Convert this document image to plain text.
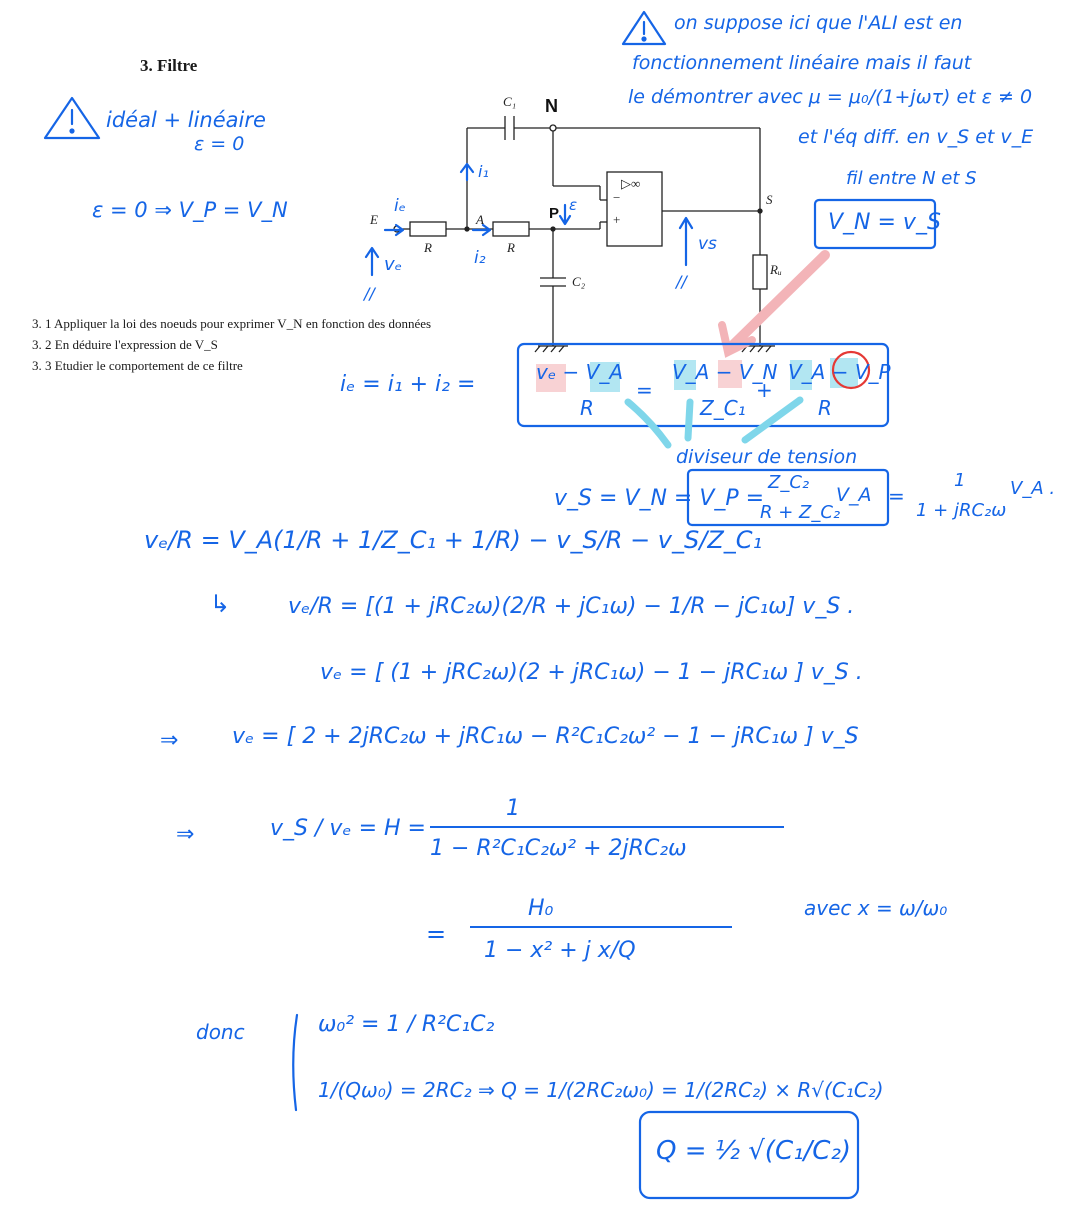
3. Filtre
3. 1 Appliquer la loi des noeuds pour exprimer V_N en fonction des données
3. 2 En déduire l'expression de V_S
3. 3 Etudier le comportement de ce filtre
C₁ N
S
E	A	P
R	R
Rᵤ
C₂
▷∞
−
+
idéal + linéaire
ε = 0
ε = 0 ⇒ V_P = V_N
on suppose ici que l'ALI est en
fonctionnement linéaire mais il faut
le démontrer avec μ = μ₀/(1+jωτ) et ε ≠ 0
et l'éq diff. en v_S et v_E
fil entre N et S
V_N = v_S
i₁
iₑ
i₂
ε
vₑ
vs
//
//
iₑ = i₁ + i₂ =	vₑ − V_A
R
=
V_A − V_N
Z_C₁
+
V_A − V_P
R
diviseur de tension
v_S = V_N = V_P =
Z_C₂
R + Z_C₂
V_A =
1
1 + jRC₂ω
V_A .
vₑ/R = V_A(1/R + 1/Z_C₁ + 1/R) − v_S/R − v_S/Z_C₁
↳	vₑ/R = [(1 + jRC₂ω)(2/R + jC₁ω) − 1/R − jC₁ω] v_S .
vₑ = [ (1 + jRC₂ω)(2 + jRC₁ω) − 1 − jRC₁ω ] v_S .
⇒ vₑ = [ 2 + 2jRC₂ω + jRC₁ω − R²C₁C₂ω² − 1 − jRC₁ω ] v_S
⇒	v_S / vₑ = H =
1
1 − R²C₁C₂ω² + 2jRC₂ω
=
H₀
1 − x² + j x/Q
avec x = ω/ω₀
donc	ω₀² = 1 / R²C₁C₂
1/(Qω₀) = 2RC₂ ⇒ Q = 1/(2RC₂ω₀) = 1/(2RC₂) × R√(C₁C₂)
Q = ½ √(C₁/C₂)
